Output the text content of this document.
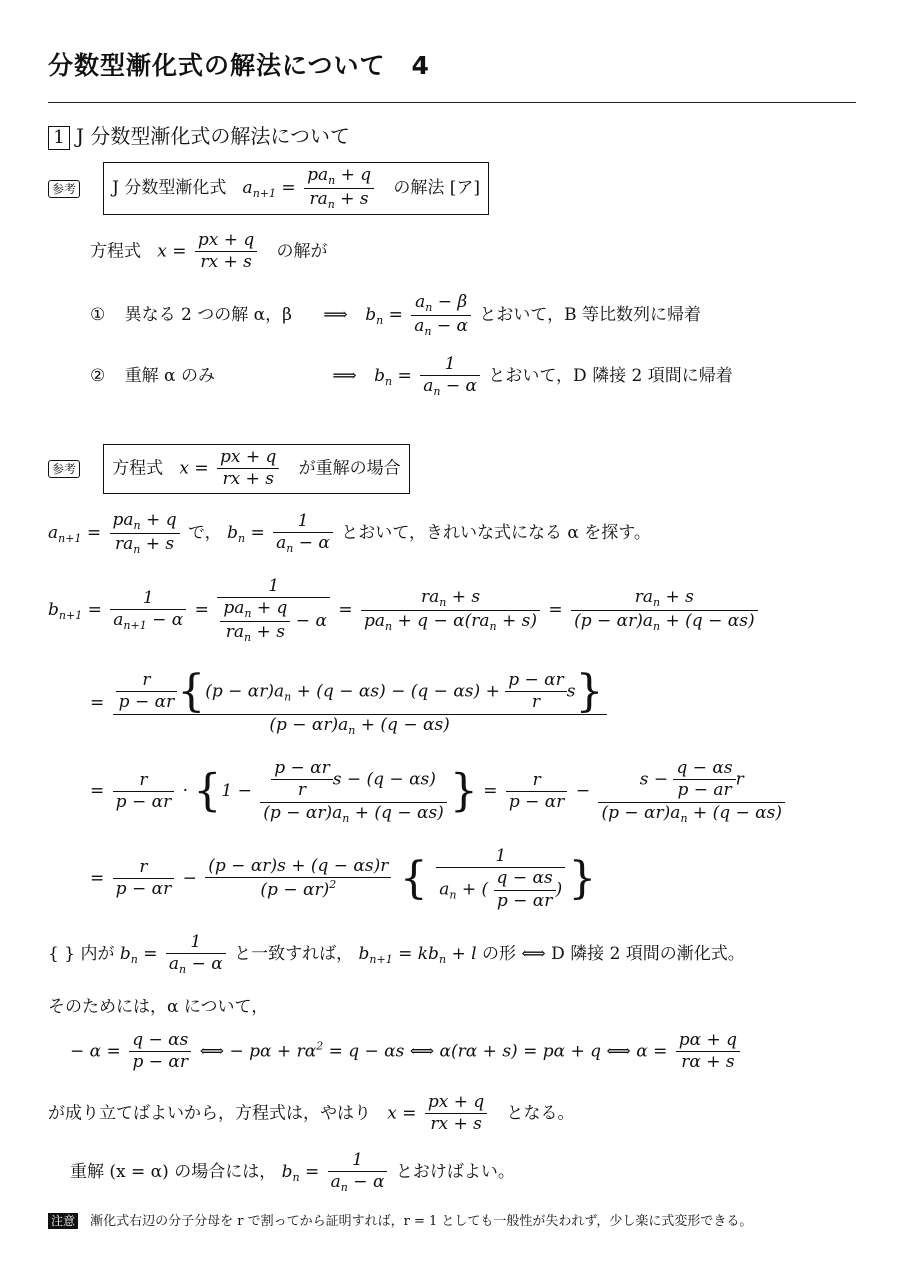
分数型漸化式の解法について　4
1 J 分数型漸化式の解法について
参考 J 分数型漸化式 $a_{n+1} = \frac{pa_n + q}{ra_n + s}$ の解法 [ア]
方程式 $x = \frac{px + q}{rx + s}$ の解が
① 異なる 2 つの解 α，β ⟹ $b_n = \frac{a_n - \beta}{a_n - \alpha}$ とおいて，B 等比数列に帰着
② 重解 α のみ	⟹ $b_n = \frac{1}{a_n - \alpha}$ とおいて，D 隣接 2 項間に帰着
参考 方程式 $x = \frac{px + q}{rx + s}$ が重解の場合
$a_{n+1} = \frac{pa_n + q}{ra_n + s}$ で， $b_n = \frac{1}{a_n - \alpha}$ とおいて，きれいな式になる α を探す。
$b_{n+1} = \frac{1}{a_{n+1} - \alpha} = \frac{1}{\frac{pa_n + q}{ra_n + s} - \alpha} = \frac{ra_n + s}{pa_n + q - \alpha(ra_n + s)} = \frac{ra_n + s}{(p - \alpha r)a_n + (q - \alpha s)}$
= $\frac{r}{p - \alpha r} \{(p - \alpha r)a_n + (q - \alpha s) - (q - \alpha s) + \frac{p - \alpha r}{r} s\}$
$(p - \alpha r)a_n + (q - \alpha s)$
= $\frac{r}{p - \alpha r} \cdot \{1 - \frac{\frac{p - \alpha r}{r} s - (q - \alpha s)}{(p - \alpha r)a_n + (q - \alpha s)}$ } = $\frac{r}{p - \alpha r} - \frac{s - \frac{q - \alpha s}{p - ar} r}{(p - \alpha r)a_n + (q - \alpha s)}$
= $\frac{r}{p - \alpha r} - \frac{(p - \alpha r)s + (q - \alpha s)r}{(p - \alpha r)^2}$ { $\frac{1}{a_n + ( \frac{q - \alpha s}{p - \alpha r} )}$ }
{ } 内が $b_n = \frac{1}{a_n - \alpha}$ と一致すれば， $b_{n+1} = kb_n + l$ の形 ⟺ D 隣接 2 項間の漸化式。
そのためには，α について，
− $\alpha = \frac{q - \alpha s}{p - \alpha r}$ ⟺ − $p\alpha + r\alpha^2 = q - \alpha s$ ⟺ α(rα + s) = pα + q ⟺ $\alpha = \frac{p\alpha + q}{r\alpha + s}$
が成り立てばよいから，方程式は，やはり $x = \frac{px + q}{rx + s}$ となる。
重解 (x = α) の場合には， $b_n = \frac{1}{a_n - \alpha}$ とおけばよい。
注意 漸化式右辺の分子分母を r で割ってから証明すれば，r = 1 としても一般性が失われず，少し楽に式変形できる。
